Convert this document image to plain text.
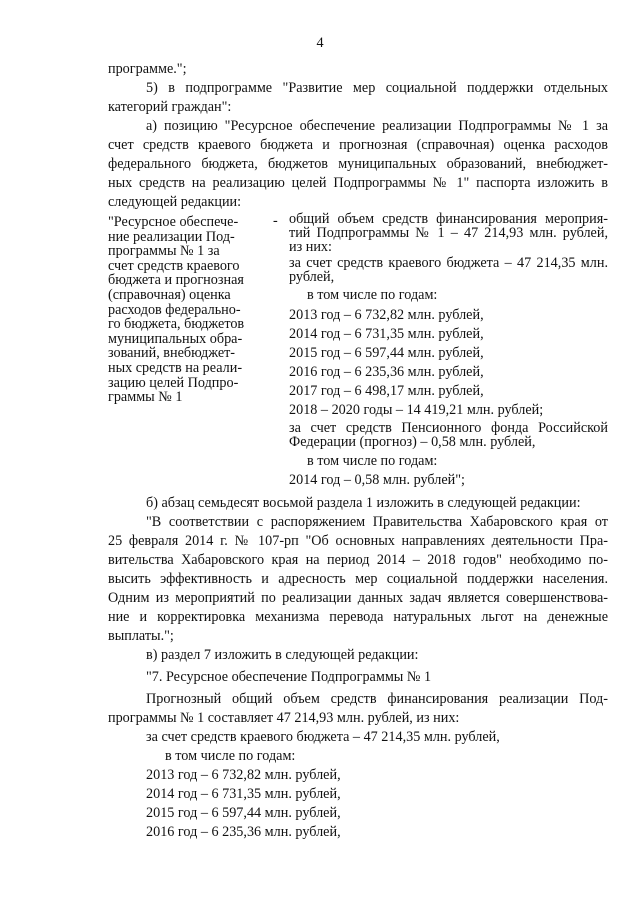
4
программе.";
5) в подпрограмме "Развитие мер социальной поддержки отдельных
категорий граждан":
а) позицию "Ресурсное обеспечение реализации Подпрограммы № 1 за
счет средств краевого бюджета и прогнозная (справочная) оценка расходов
федерального бюджета, бюджетов муниципальных образований, внебюджет-
ных средств на реализацию целей Подпрограммы № 1" паспорта изложить в
следующей редакции:
"Ресурсное обеспече-
ние реализации Под-
программы № 1 за
счет средств краевого
бюджета и прогнозная
(справочная) оценка
расходов федерально-
го бюджета, бюджетов
муниципальных обра-
зований, внебюджет-
ных средств на реали-
зацию целей Подпро-
граммы № 1
- общий объем средств финансирования мероприя-
тий Подпрограммы № 1 – 47 214,93 млн. рублей,
из них:
за счет средств краевого бюджета – 47 214,35 млн.
рублей,
в том числе по годам:
2013 год – 6 732,82 млн. рублей,
2014 год – 6 731,35 млн. рублей,
2015 год – 6 597,44 млн. рублей,
2016 год – 6 235,36 млн. рублей,
2017 год – 6 498,17 млн. рублей,
2018 – 2020 годы – 14 419,21 млн. рублей;
за счет средств Пенсионного фонда Российской
Федерации (прогноз) – 0,58 млн. рублей,
в том числе по годам:
2014 год – 0,58 млн. рублей";
б) абзац семьдесят восьмой раздела 1 изложить в следующей редакции:
"В соответствии с распоряжением Правительства Хабаровского края от
25 февраля 2014 г. № 107-рп "Об основных направлениях деятельности Пра-
вительства Хабаровского края на период 2014 – 2018 годов" необходимо по-
высить эффективность и адресность мер социальной поддержки населения.
Одним из мероприятий по реализации данных задач является совершенствова-
ние и корректировка механизма перевода натуральных льгот на денежные
выплаты.";
в) раздел 7 изложить в следующей редакции:
"7. Ресурсное обеспечение Подпрограммы № 1
Прогнозный общий объем средств финансирования реализации Под-
программы № 1 составляет 47 214,93 млн. рублей, из них:
за счет средств краевого бюджета – 47 214,35 млн. рублей,
в том числе по годам:
2013 год – 6 732,82 млн. рублей,
2014 год – 6 731,35 млн. рублей,
2015 год – 6 597,44 млн. рублей,
2016 год – 6 235,36 млн. рублей,
